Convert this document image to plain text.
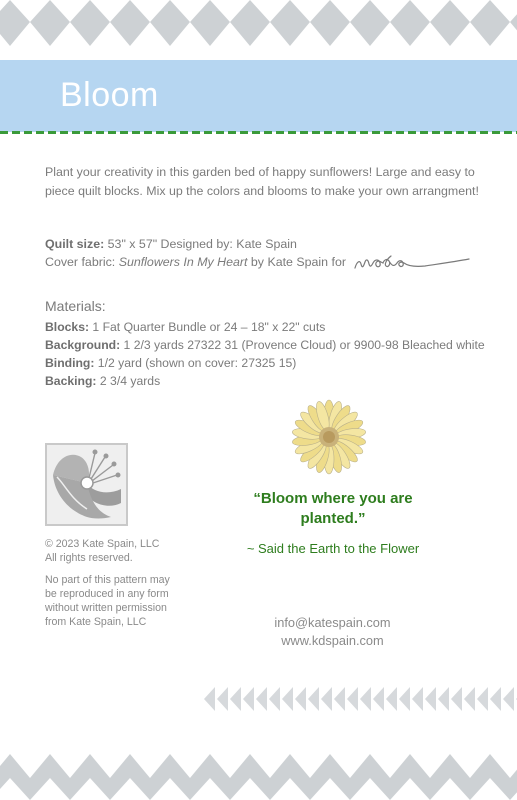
Bloom

Plant your creativity in this garden bed of happy sunflowers! Large and easy to piece quilt blocks. Mix up the colors and blooms to make your own arrangment!

Quilt size: 53" x 57" Designed by: Kate Spain
Cover fabric: Sunflowers In My Heart by Kate Spain for
Materials:
Blocks: 1 Fat Quarter Bundle or 24 – 18" x 22" cuts
Background: 1 2/3 yards 27322 31 (Provence Cloud) or 9900-98 Bleached white
Binding: 1/2 yard (shown on cover: 27325 15)
Backing: 2 3/4 yards
© 2023 Kate Spain, LLC
All rights reserved.
No part of this pattern may be reproduced in any form without written permission from Kate Spain, LLC
“Bloom where you are planted.”
~ Said the Earth to the Flower
info@katespain.com
www.kdspain.com
